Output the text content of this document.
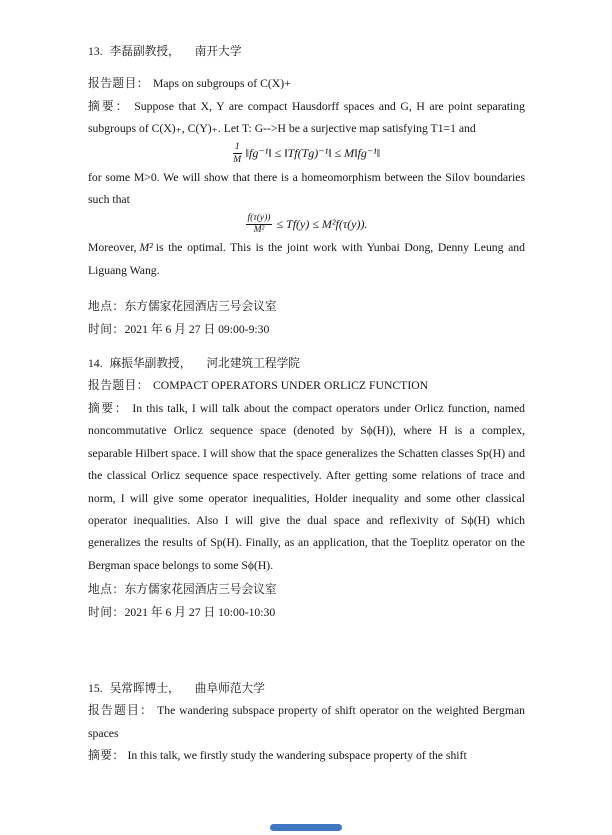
13. 李磊副教授， 南开大学

报告题目： Maps on subgroups of C(X)+

摘要： Suppose that X, Y are compact Hausdorff spaces and G, H are point separating subgroups of C(X)₊, C(Y)₊. Let T: G-->H be a surjective map satisfying T1=1 and

$\frac{1}{M}$ ‖fg⁻¹‖ ≤ ‖Tf(Tg)⁻¹‖ ≤ M‖fg⁻¹‖

for some M>0. We will show that there is a homeomorphism between the Silov boundaries such that

$\frac{f(\tau(y))}{\text{M²}} \le Tf(y) \le M^2f(\tau(y))$.

Moreover, M² is the optimal. This is the joint work with Yunbai Dong, Denny Leung and Liguang Wang.

地点：东方儒家花园酒店三号会议室

时间：2021 年 6 月 27 日 09:00-9:30

14. 麻振华副教授， 河北建筑工程学院

报告题目： COMPACT OPERATORS UNDER ORLICZ FUNCTION

摘要： In this talk, I will talk about the compact operators under Orlicz function, named noncommutative Orlicz sequence space (denoted by Sϕ(H)), where H is a complex, separable Hilbert space. I will show that the space generalizes the Schatten classes Sp(H) and the classical Orlicz sequence space respectively. After getting some relations of trace and norm, I will give some operator inequalities, Holder inequality and some other classical operator inequalities. Also I will give the dual space and reflexivity of Sϕ(H) which generalizes the results of Sp(H). Finally, as an application, that the Toeplitz operator on the Bergman space belongs to some Sϕ(H).

地点：东方儒家花园酒店三号会议室

时间：2021 年 6 月 27 日 10:00-10:30

15. 吴常晖博士， 曲阜师范大学

报告题目： The wandering subspace property of shift operator on the weighted Bergman spaces

摘要： In this talk, we firstly study the wandering subspace property of the shift
